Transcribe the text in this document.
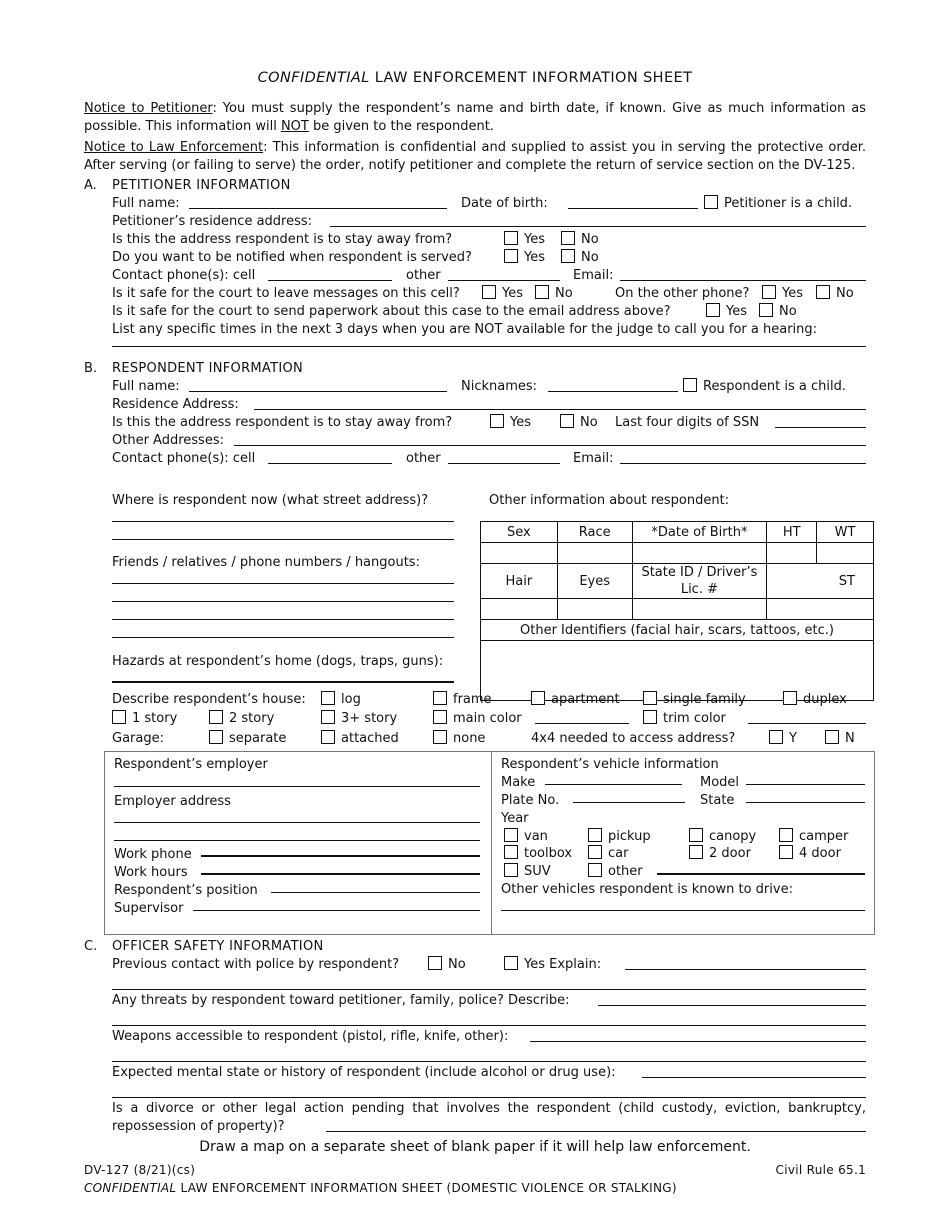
CONFIDENTIAL LAW ENFORCEMENT INFORMATION SHEET

Notice to Petitioner: You must supply the respondent’s name and birth date, if known. Give as much information as possible. This information will NOT be given to the respondent.

Notice to Law Enforcement: This information is confidential and supplied to assist you in serving the protective order. After serving (or failing to serve) the order, notify petitioner and complete the return of service section on the DV-125.

A. PETITIONER INFORMATION
Full name:	Date of birth:	Petitioner is a child.
Petitioner’s residence address:
Is this the address respondent is to stay away from?	Yes	No
Do you want to be notified when respondent is served?	Yes	No
Contact phone(s): cell	other	Email:
Is it safe for the court to leave messages on this cell?	Yes	No	On the other phone?	Yes	No
Is it safe for the court to send paperwork about this case to the email address above?	Yes	No
List any specific times in the next 3 days when you are NOT available for the judge to call you for a hearing:
B. RESPONDENT INFORMATION
Full name:	Nicknames:	Respondent is a child.
Residence Address:
Is this the address respondent is to stay away from?	Yes	No Last four digits of SSN
Other Addresses:
Contact phone(s): cell	other	Email:
Where is respondent now (what street address)?	Other information about respondent:
Friends / relatives / phone numbers / hangouts:
Hazards at respondent’s home (dogs, traps, guns):
Sex	Race	*Date of Birth*	HT	WT

Hair	Eyes	State ID / Driver’s Lic. #	ST	

Other Identifiers (facial hair, scars, tattoos, etc.)				

Describe respondent’s house:	log	frame	apartment	single family	duplex
1 story	2 story	3+ story	main color	trim color
Garage:	separate	attached	none	4x4 needed to access address?	Y	N
Respondent’s employer
Employer address
Work phone
Work hours
Respondent’s position
Supervisor
Respondent’s vehicle information
Make	Model
Plate No.	State
Year
van	pickup	canopy	camper
toolbox	car	2 door	4 door
SUV	other
Other vehicles respondent is known to drive:
C. OFFICER SAFETY INFORMATION
Previous contact with police by respondent?	No	Yes Explain:
Any threats by respondent toward petitioner, family, police? Describe:
Weapons accessible to respondent (pistol, rifle, knife, other):
Expected mental state or history of respondent (include alcohol or drug use):

Is a divorce or other legal action pending that involves the respondent (child custody, eviction, bankruptcy, repossession of property)?

Draw a map on a separate sheet of blank paper if it will help law enforcement.
DV-127 (8/21)(cs)	Civil Rule 65.1
CONFIDENTIAL LAW ENFORCEMENT INFORMATION SHEET (DOMESTIC VIOLENCE OR STALKING)
